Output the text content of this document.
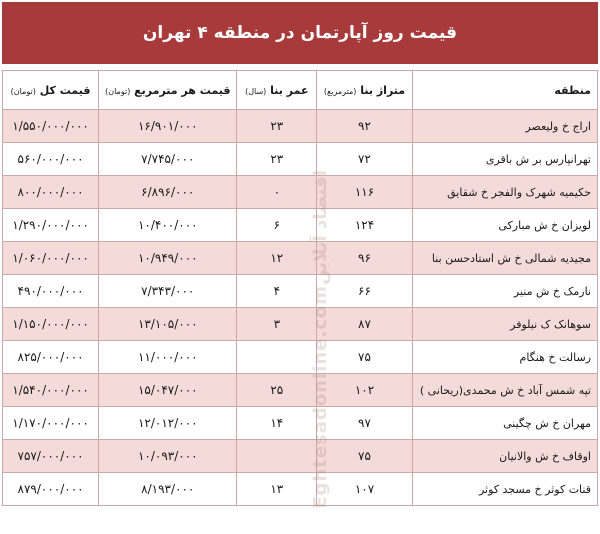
قیمت روز آپارتمان در منطقه ۴ تهران
منطقه	متراژ بنا (مترمربع)	عمر بنا (سال)	قیمت هر مترمربع (تومان)	قیمت کل (تومان)
اراج خ ولیعصر	۹۲	۲۳	۱۶/۹۰۱/۰۰۰	۱/۵۵۰/۰۰۰/۰۰۰
تهرانپارس بر ش باقری	۷۲	۲۳	۷/۷۴۵/۰۰۰	۵۶۰/۰۰۰/۰۰۰
حکیمیه شهرک والفجر خ شقایق	۱۱۶	۰	۶/۸۹۶/۰۰۰	۸۰۰/۰۰۰/۰۰۰
لویزان خ ش مبارکی	۱۲۴	۶	۱۰/۴۰۰/۰۰۰	۱/۲۹۰/۰۰۰/۰۰۰
مجیدیه شمالی خ ش استادحسن بنا	۹۶	۱۲	۱۰/۹۴۹/۰۰۰	۱/۰۶۰/۰۰۰/۰۰۰
نارمک خ ش منیر	۶۶	۴	۷/۳۴۳/۰۰۰	۴۹۰/۰۰۰/۰۰۰
سوهانک ک نیلوفر	۸۷	۳	۱۳/۱۰۵/۰۰۰	۱/۱۵۰/۰۰۰/۰۰۰
رسالت خ هنگام	۷۵		۱۱/۰۰۰/۰۰۰	۸۲۵/۰۰۰/۰۰۰
تپه شمس آباد خ ش محمدی(ریحانی )	۱۰۲	۲۵	۱۵/۰۴۷/۰۰۰	۱/۵۴۰/۰۰۰/۰۰۰
مهران خ ش چگینی	۹۷	۱۴	۱۲/۰۱۲/۰۰۰	۱/۱۷۰/۰۰۰/۰۰۰
اوقاف خ ش والانیان	۷۵		۱۰/۰۹۳/۰۰۰	۷۵۷/۰۰۰/۰۰۰
قنات کوثر خ مسجد کوثر	۱۰۷	۱۳	۸/۱۹۳/۰۰۰	۸۷۹/۰۰۰/۰۰۰
اقتصاد آنلاین
Eghtesadonline.com
